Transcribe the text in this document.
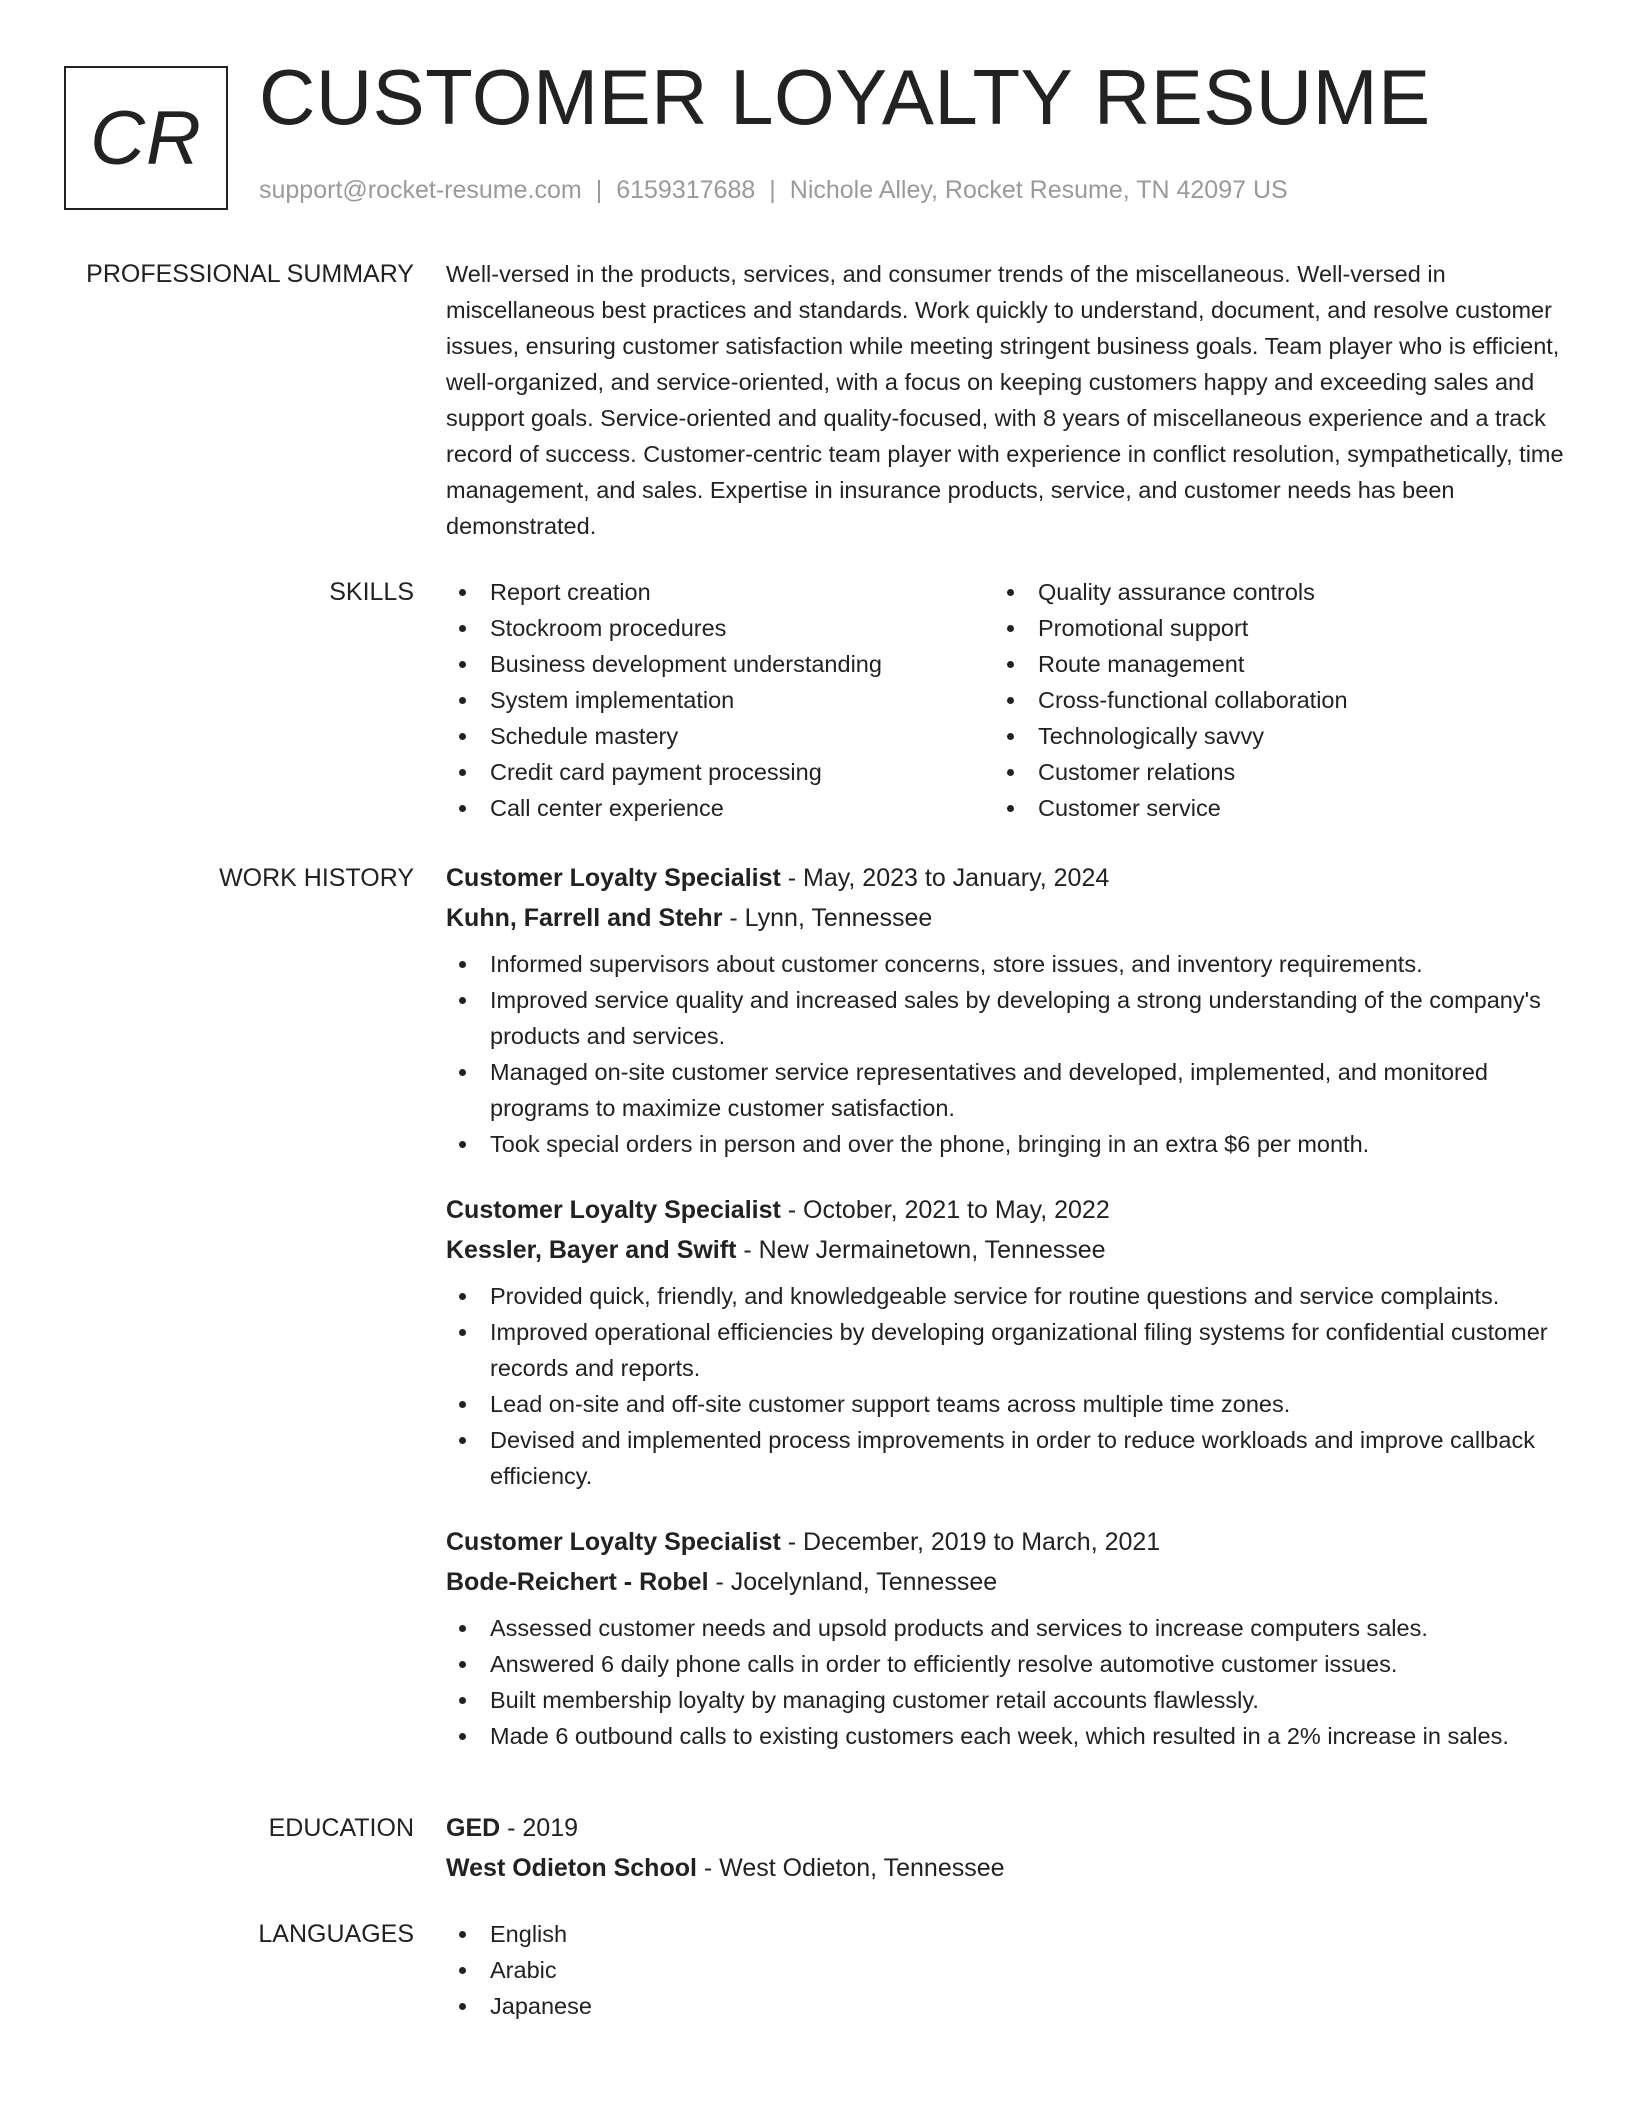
CR CUSTOMER LOYALTY RESUME
support@rocket-resume.com | 6159317688 | Nichole Alley, Rocket Resume, TN 42097 US
PROFESSIONAL SUMMARY Well-versed in the products, services, and consumer trends of the miscellaneous. Well-versed in miscellaneous best practices and standards. Work quickly to understand, document, and resolve customer issues, ensuring customer satisfaction while meeting stringent business goals. Team player who is efficient, well-organized, and service-oriented, with a focus on keeping customers happy and exceeding sales and support goals. Service-oriented and quality-focused, with 8 years of miscellaneous experience and a track record of success. Customer-centric team player with experience in conflict resolution, sympathetically, time management, and sales. Expertise in insurance products, service, and customer needs has been demonstrated.
SKILLS	Report creation
Stockroom procedures
Business development understanding
System implementation
Schedule mastery
Credit card payment processing
Call center experience
Quality assurance controls
Promotional support
Route management
Cross-functional collaboration
Technologically savvy
Customer relations
Customer service
WORK HISTORY Customer Loyalty Specialist - May, 2023 to January, 2024
Kuhn, Farrell and Stehr - Lynn, Tennessee
Informed supervisors about customer concerns, store issues, and inventory requirements.
Improved service quality and increased sales by developing a strong understanding of the company's products and services.
Managed on-site customer service representatives and developed, implemented, and monitored programs to maximize customer satisfaction.
Took special orders in person and over the phone, bringing in an extra $6 per month.
Customer Loyalty Specialist - October, 2021 to May, 2022
Kessler, Bayer and Swift - New Jermainetown, Tennessee
Provided quick, friendly, and knowledgeable service for routine questions and service complaints.
Improved operational efficiencies by developing organizational filing systems for confidential customer records and reports.
Lead on-site and off-site customer support teams across multiple time zones.
Devised and implemented process improvements in order to reduce workloads and improve callback efficiency.
Customer Loyalty Specialist - December, 2019 to March, 2021
Bode-Reichert - Robel - Jocelynland, Tennessee
Assessed customer needs and upsold products and services to increase computers sales.
Answered 6 daily phone calls in order to efficiently resolve automotive customer issues.
Built membership loyalty by managing customer retail accounts flawlessly.
Made 6 outbound calls to existing customers each week, which resulted in a 2% increase in sales.
EDUCATION GED - 2019
West Odieton School - West Odieton, Tennessee
LANGUAGES	English
Arabic
Japanese
